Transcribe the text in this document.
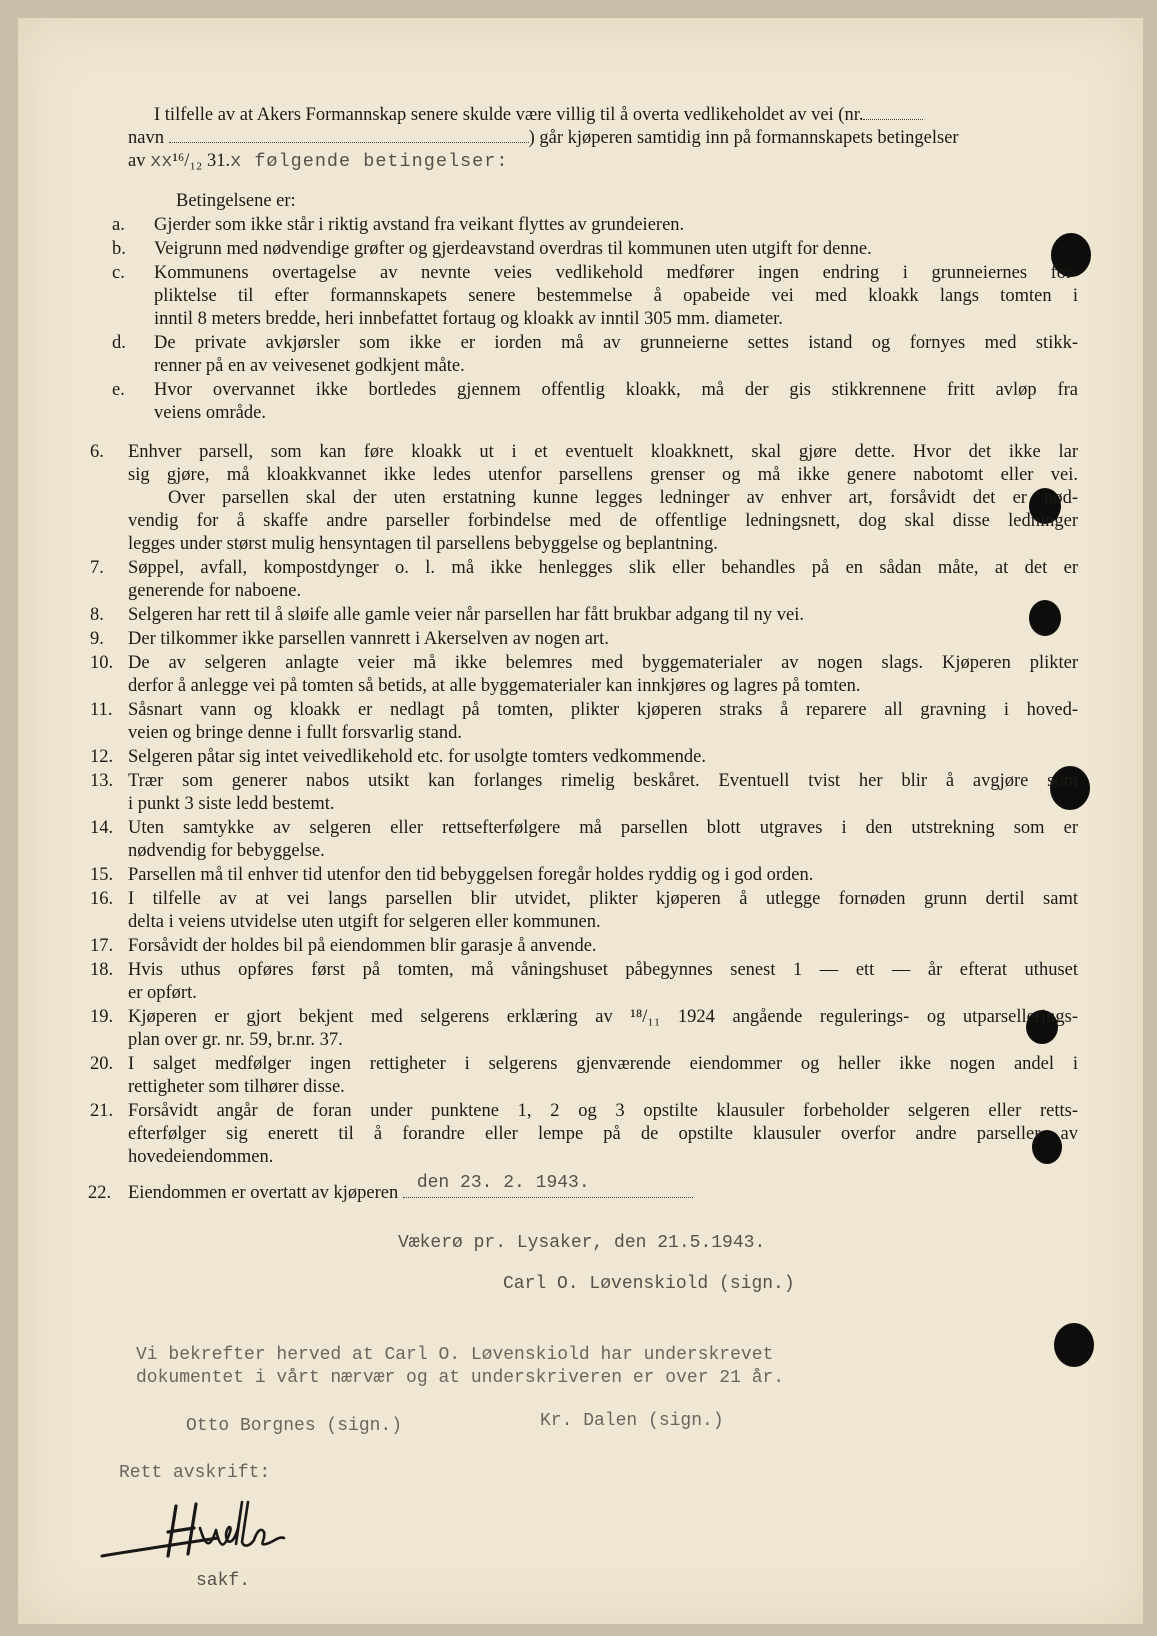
I tilfelle av at Akers Formannskap senere skulde være villig til å overta vedlikeholdet av vei (nr.
navn	) går kjøperen samtidig inn på formannskapets betingelser
av xx¹⁶/₁₂ 31.x følgende betingelser:
Betingelsene er:
a. Gjerder som ikke står i riktig avstand fra veikant flyttes av grundeieren.
b. Veigrunn med nødvendige grøfter og gjerdeavstand overdras til kommunen uten utgift for denne.
c. Kommunens overtagelse av nevnte veies vedlikehold medfører ingen endring i grunneiernes for-
pliktelse til efter formannskapets senere bestemmelse å opabeide vei med kloakk langs tomten i
inntil 8 meters bredde, heri innbefattet fortaug og kloakk av inntil 305 mm. diameter.
d. De private avkjørsler som ikke er iorden må av grunneierne settes istand og fornyes med stikk-
renner på en av veivesenet godkjent måte.
e. Hvor overvannet ikke bortledes gjennem offentlig kloakk, må der gis stikkrennene fritt avløp fra
veiens område.
6. Enhver parsell, som kan føre kloakk ut i et eventuelt kloakknett, skal gjøre dette. Hvor det ikke lar
sig gjøre, må kloakkvannet ikke ledes utenfor parsellens grenser og må ikke genere nabotomt eller vei.
Over parsellen skal der uten erstatning kunne legges ledninger av enhver art, forsåvidt det er nød-
vendig for å skaffe andre parseller forbindelse med de offentlige ledningsnett, dog skal disse ledninger
legges under størst mulig hensyntagen til parsellens bebyggelse og beplantning.
7. Søppel, avfall, kompostdynger o. l. må ikke henlegges slik eller behandles på en sådan måte, at det er
generende for naboene.
8. Selgeren har rett til å sløife alle gamle veier når parsellen har fått brukbar adgang til ny vei.
9. Der tilkommer ikke parsellen vannrett i Akerselven av nogen art.
10. De av selgeren anlagte veier må ikke belemres med byggematerialer av nogen slags. Kjøperen plikter
derfor å anlegge vei på tomten så betids, at alle byggematerialer kan innkjøres og lagres på tomten.
11. Såsnart vann og kloakk er nedlagt på tomten, plikter kjøperen straks å reparere all gravning i hoved-
veien og bringe denne i fullt forsvarlig stand.
12. Selgeren påtar sig intet veivedlikehold etc. for usolgte tomters vedkommende.
13. Trær som generer nabos utsikt kan forlanges rimelig beskåret. Eventuell tvist her blir å avgjøre som
i punkt 3 siste ledd bestemt.
14. Uten samtykke av selgeren eller rettsefterfølgere må parsellen blott utgraves i den utstrekning som er
nødvendig for bebyggelse.
15. Parsellen må til enhver tid utenfor den tid bebyggelsen foregår holdes ryddig og i god orden.
16. I tilfelle av at vei langs parsellen blir utvidet, plikter kjøperen å utlegge fornøden grunn dertil samt
delta i veiens utvidelse uten utgift for selgeren eller kommunen.
17. Forsåvidt der holdes bil på eiendommen blir garasje å anvende.
18. Hvis uthus opføres først på tomten, må våningshuset påbegynnes senest 1 — ett — år efterat uthuset
er opført.
19. Kjøperen er gjort bekjent med selgerens erklæring av ¹⁸/₁₁ 1924 angående regulerings- og utparsellerings-
plan over gr. nr. 59, br.nr. 37.
20. I salget medfølger ingen rettigheter i selgerens gjenværende eiendommer og heller ikke nogen andel i
rettigheter som tilhører disse.
21. Forsåvidt angår de foran under punktene 1, 2 og 3 opstilte klausuler forbeholder selgeren eller retts-
efterfølger sig enerett til å forandre eller lempe på de opstilte klausuler overfor andre parseller av
hovedeiendommen.
22. Eiendommen er overtatt av kjøperen den 23. 2. 1943.
Vækerø pr. Lysaker, den 21.5.1943.
Carl O. Løvenskiold (sign.)
Vi bekrefter herved at Carl O. Løvenskiold har underskrevet
dokumentet i vårt nærvær og at underskriveren er over 21 år.
Otto Borgnes (sign.)	Kr. Dalen (sign.)
Rett avskrift:
sakf.
